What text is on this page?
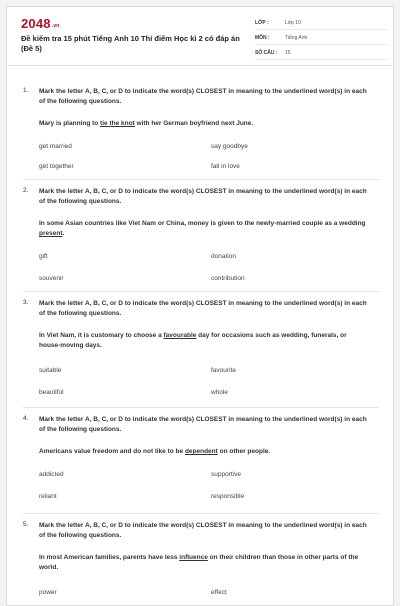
2048.vn
Đề kiểm tra 15 phút Tiếng Anh 10 Thí điểm Học kì 2 có đáp án (Đề 5)
LỚP :	Lớp 10
MÔN :	Tiếng Anh
SỐ CÂU :	15
1. Mark the letter A, B, C, or D to indicate the word(s) CLOSEST in meaning to the underlined word(s) in each of the following questions.
Mary is planning to tie the knot with her German boyfriend next June.
get married	say goodbye
get together	fall in love
2. Mark the letter A, B, C, or D to indicate the word(s) CLOSEST in meaning to the underlined word(s) in each of the following questions.
In some Asian countries like Viet Nam or China, money is given to the newly-married couple as a wedding present.
gift	donation
souvenir	contribution
3. Mark the letter A, B, C, or D to indicate the word(s) CLOSEST in meaning to the underlined word(s) in each of the following questions.
In Viet Nam, it is customary to choose a favourable day for occasions such as wedding, funerals, or house-moving days.
suitable	favourite
beautiful	whole
4. Mark the letter A, B, C, or D to indicate the word(s) CLOSEST in meaning to the underlined word(s) in each of the following questions.
Americans value freedom and do not like to be dependent on other people.
addicted	supportive
reliant	responsible
5. Mark the letter A, B, C, or D to indicate the word(s) CLOSEST in meaning to the underlined word(s) in each of the following questions.
In most American families, parents have less influence on their children than those in other parts of the world.
power	effect
